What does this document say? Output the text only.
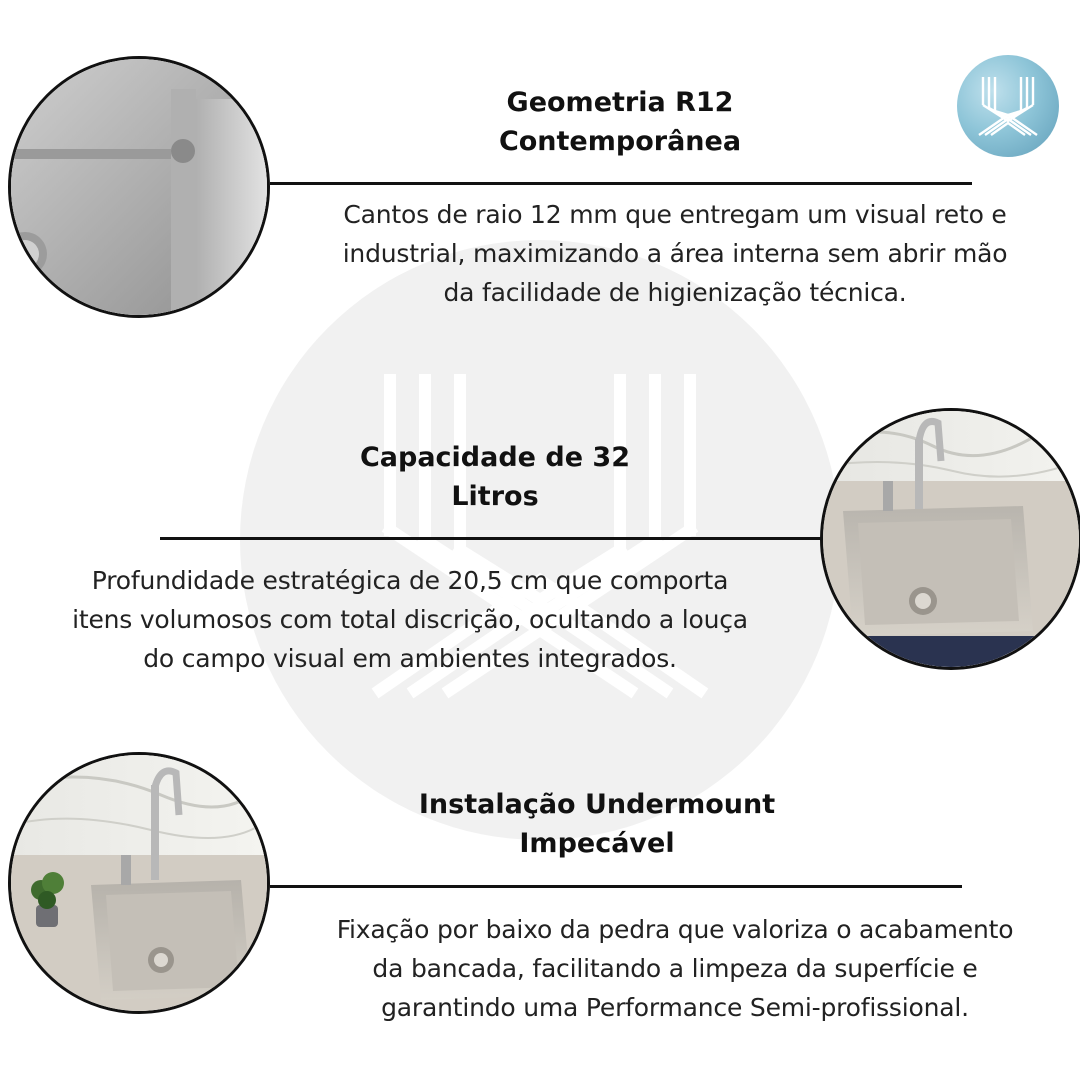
Geometria R12
Contemporânea
Cantos de raio 12 mm que entregam um visual reto e
industrial, maximizando a área interna sem abrir mão
da facilidade de higienização técnica.
Capacidade de 32
Litros
Profundidade estratégica de 20,5 cm que comporta
itens volumosos com total discrição, ocultando a louça
do campo visual em ambientes integrados.
Instalação Undermount
Impecável
Fixação por baixo da pedra que valoriza o acabamento
da bancada, facilitando a limpeza da superfície e
garantindo uma Performance Semi-profissional.
